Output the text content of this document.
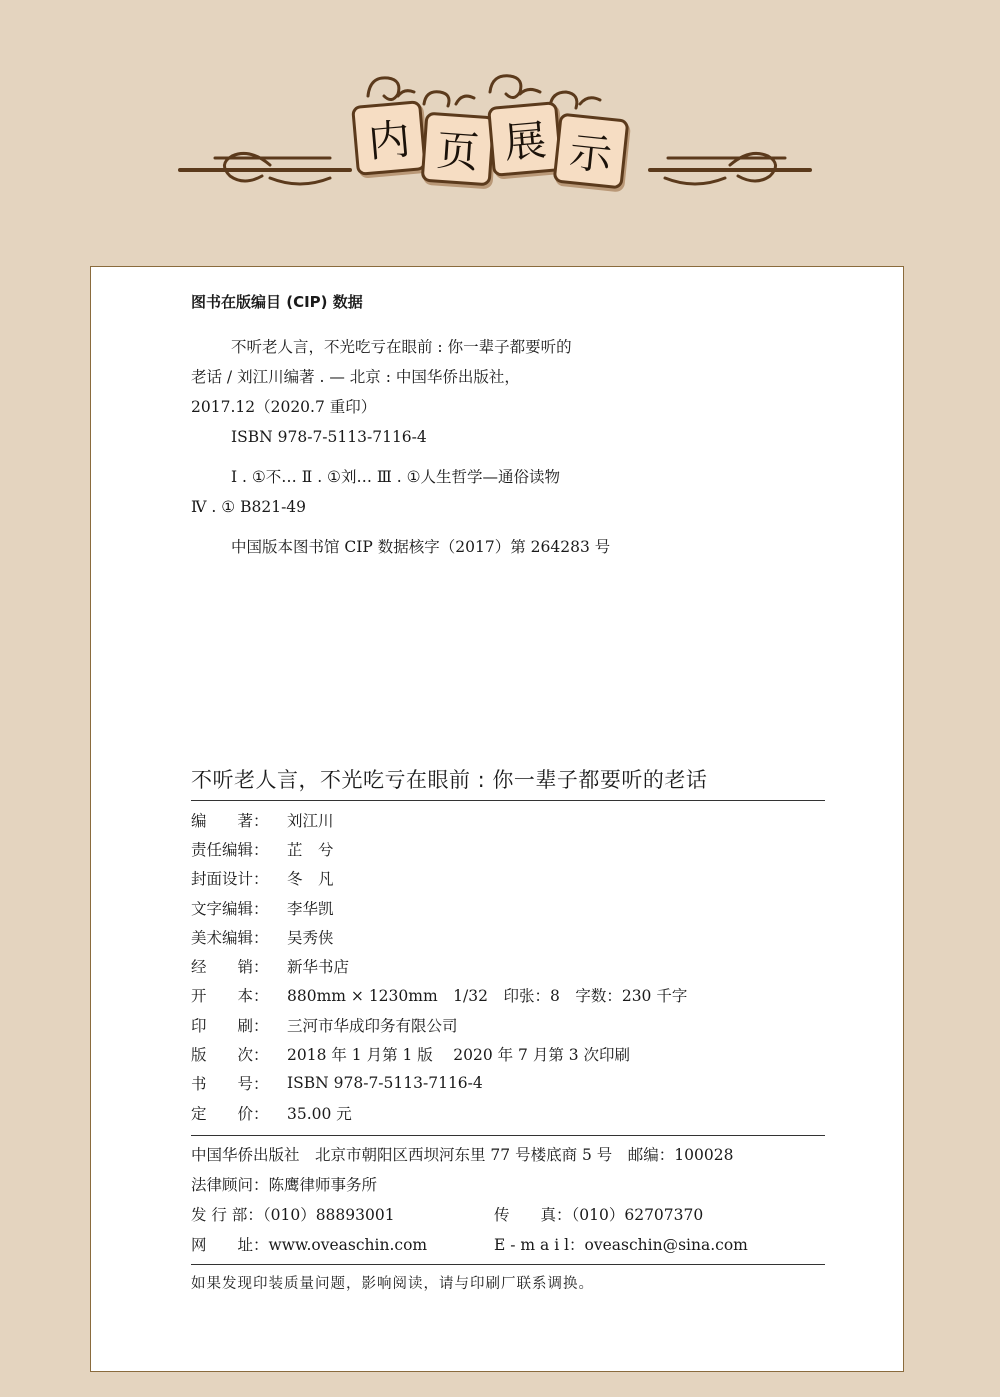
内 页 展 示
图书在版编目 (CIP) 数据

不听老人言，不光吃亏在眼前 : 你一辈子都要听的

老话 / 刘江川编著 . — 北京 : 中国华侨出版社，

2017.12（2020.7 重印）

ISBN 978-7-5113-7116-4

Ⅰ . ①不… Ⅱ . ①刘… Ⅲ . ①人生哲学—通俗读物

Ⅳ . ① B821-49

中国版本图书馆 CIP 数据核字（2017）第 264283 号

不听老人言，不光吃亏在眼前 : 你一辈子都要听的老话
编　　著：	刘江川
责任编辑：	芷　兮
封面设计：	冬　凡
文字编辑：	李华凯
美术编辑：	吴秀侠
经　　销：	新华书店
开　　本：	880mm × 1230mm　1/32　印张：8　字数：230 千字
印　　刷：	三河市华成印务有限公司
版　　次：	2018 年 1 月第 1 版　 2020 年 7 月第 3 次印刷
书　　号：	ISBN 978-7-5113-7116-4
定　　价：	35.00 元
中国华侨出版社　北京市朝阳区西坝河东里 77 号楼底商 5 号　邮编：100028
法律顾问：陈鹰律师事务所
发 行 部：（010）88893001	传　　真：（010）62707370
网　　址：www.oveaschin.com	E - m a i l：oveaschin@sina.com
如果发现印装质量问题，影响阅读，请与印刷厂联系调换。
